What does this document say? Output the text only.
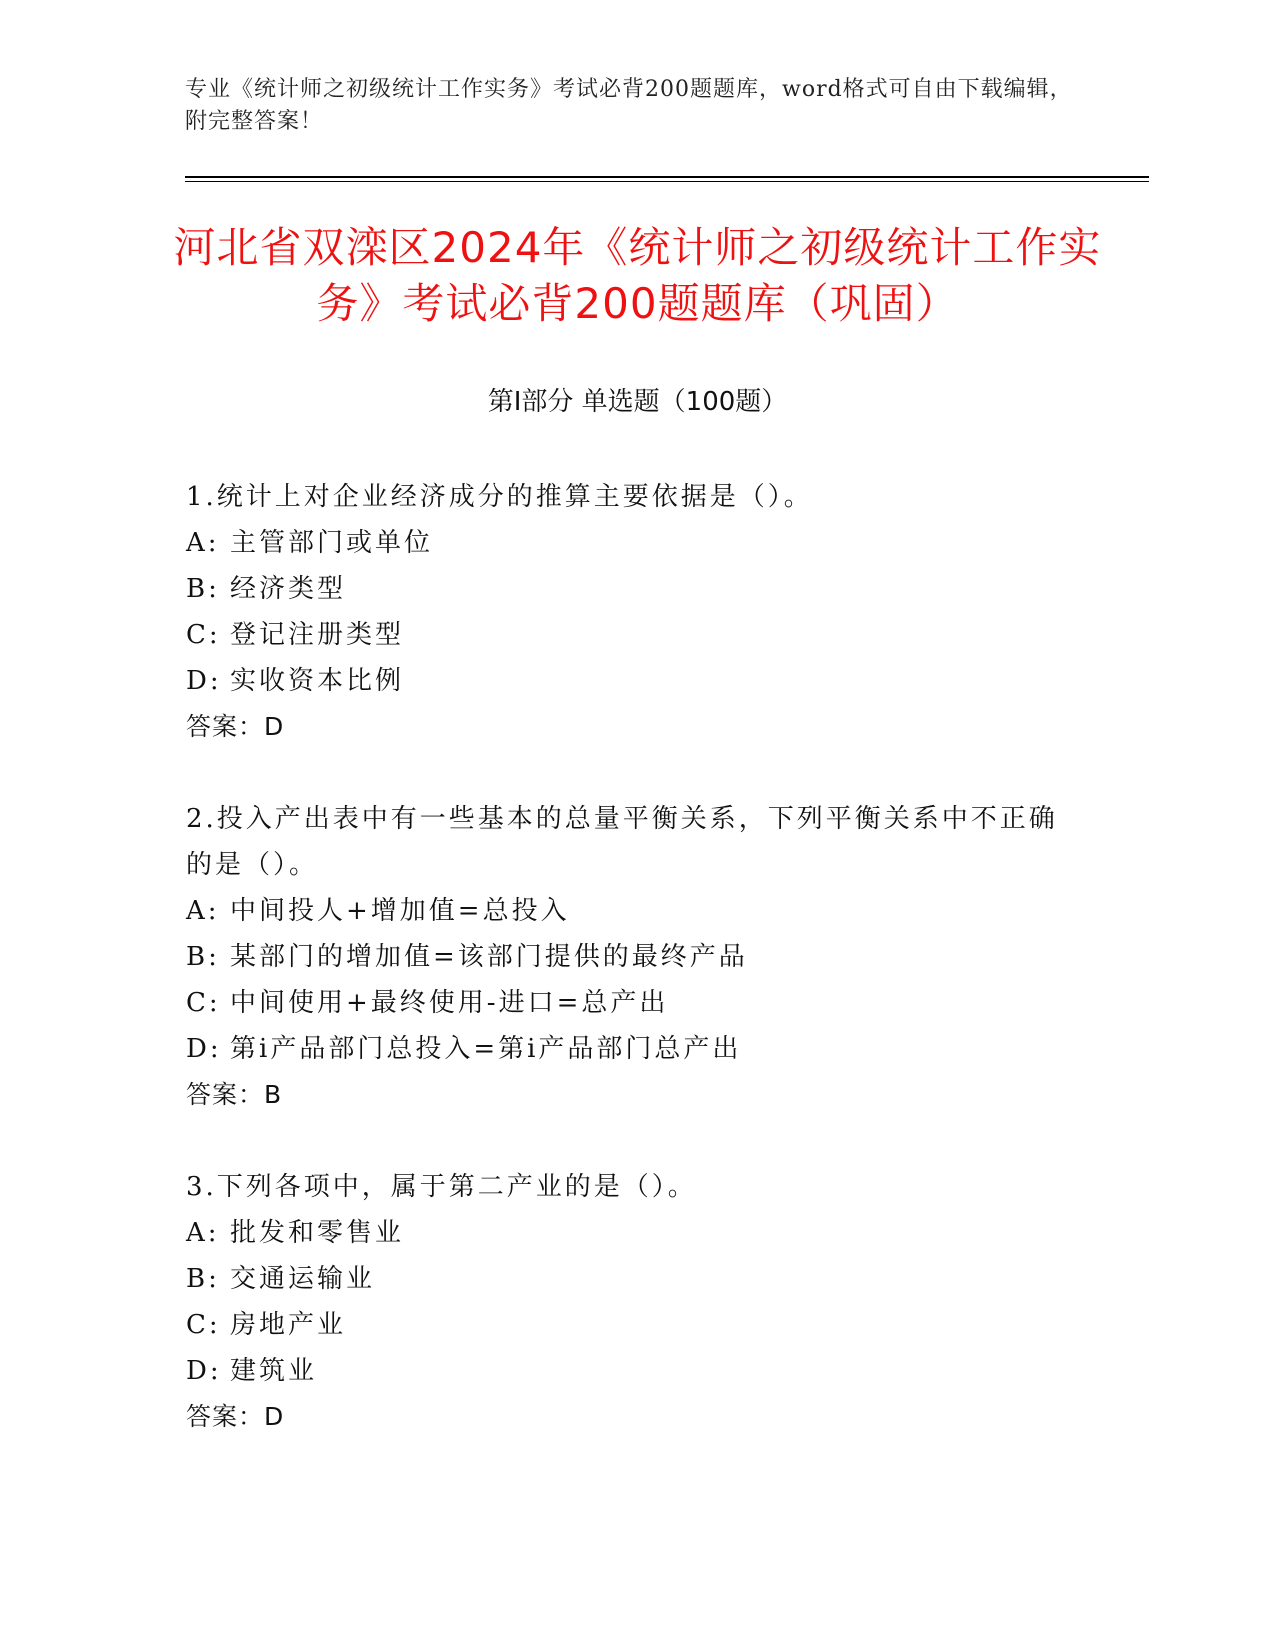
专业《统计师之初级统计工作实务》考试必背200题题库，word格式可自由下载编辑，附完整答案！
河北省双滦区2024年《统计师之初级统计工作实务》考试必背200题题库（巩固）
第I部分 单选题（100题）
1.统计上对企业经济成分的推算主要依据是（）。
A: 主管部门或单位
B: 经济类型
C: 登记注册类型
D: 实收资本比例
答案：D
2.投入产出表中有一些基本的总量平衡关系，下列平衡关系中不正确的是（）。
A: 中间投人+增加值=总投入
B: 某部门的增加值=该部门提供的最终产品
C: 中间使用+最终使用-进口=总产出
D: 第i产品部门总投入=第i产品部门总产出
答案：B
3.下列各项中，属于第二产业的是（）。
A: 批发和零售业
B: 交通运输业
C: 房地产业
D: 建筑业
答案：D
